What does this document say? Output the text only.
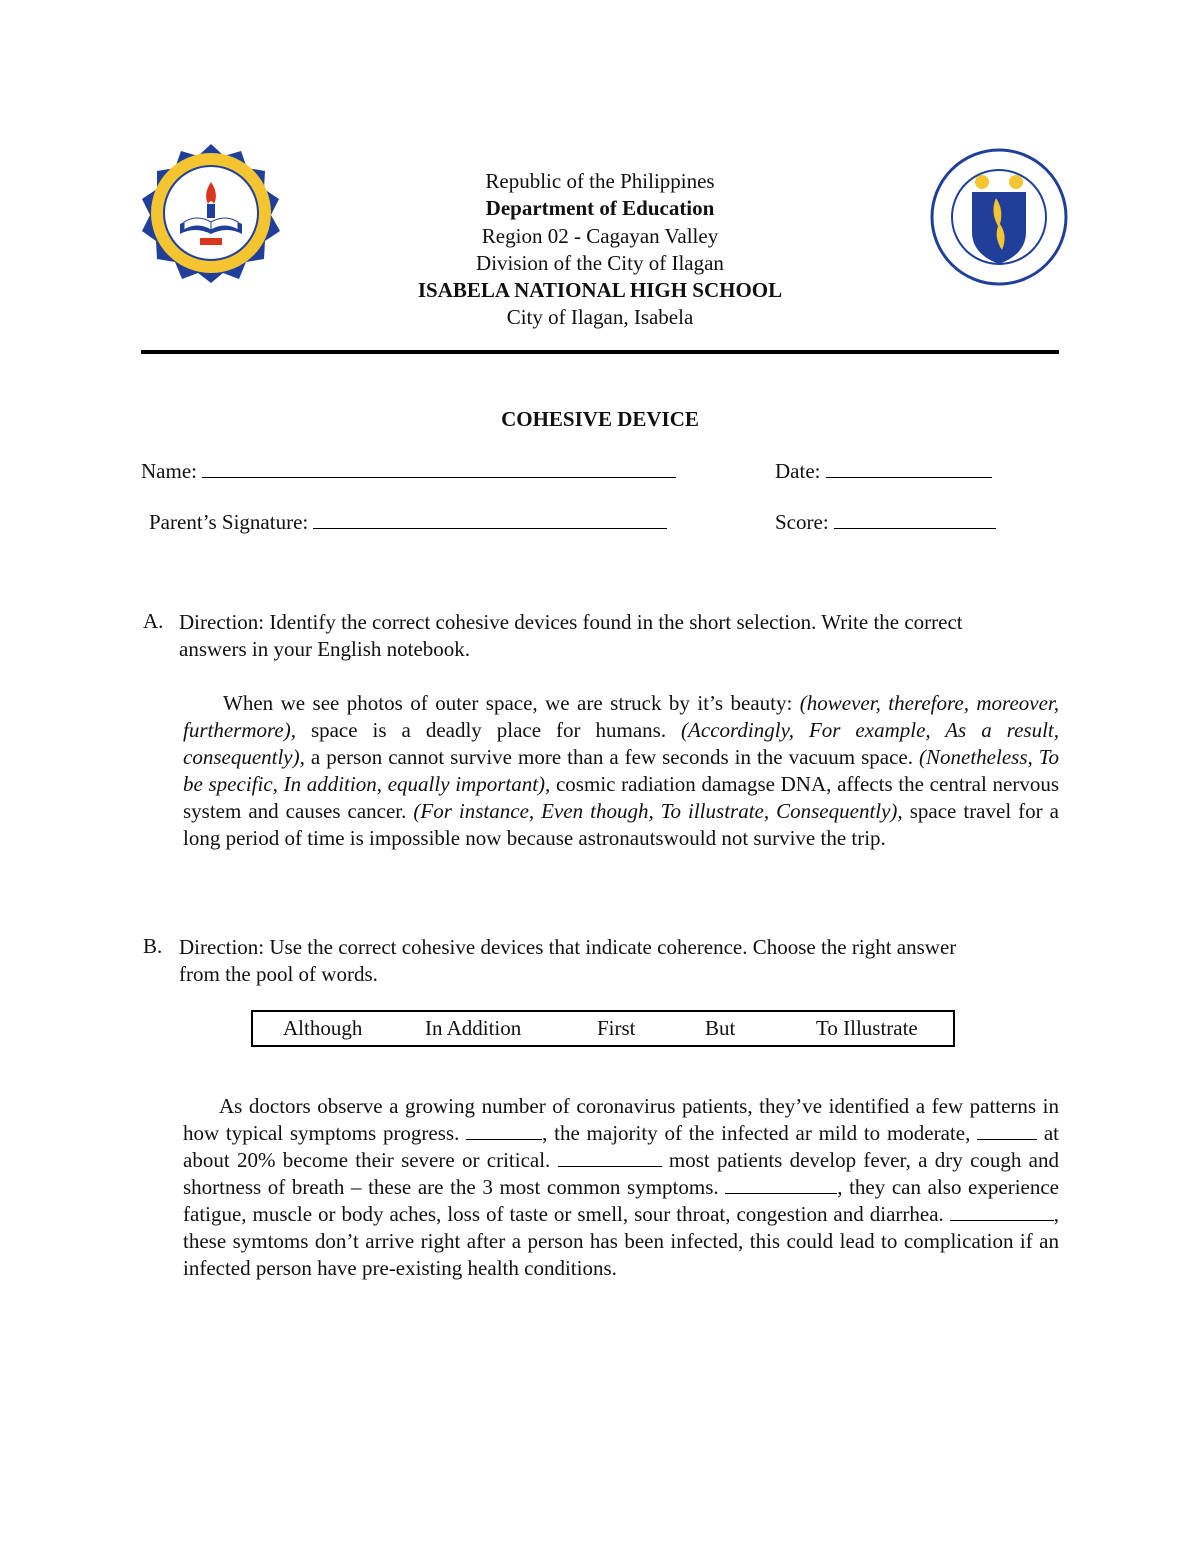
Republic of the Philippines
Department of Education
Region 02 - Cagayan Valley
Division of the City of Ilagan
ISABELA NATIONAL HIGH SCHOOL
City of Ilagan, Isabela
COHESIVE DEVICE
Name:	Date:
Parent’s Signature:	Score:
A. Direction: Identify the correct cohesive devices found in the short selection. Write the correct
answers in your English notebook.
When we see photos of outer space, we are struck by it’s beauty: (however, therefore, moreover, furthermore), space is a deadly place for humans. (Accordingly, For example, As a result, consequently), a person cannot survive more than a few seconds in the vacuum space. (Nonetheless, To be specific, In addition, equally important), cosmic radiation damagse DNA, affects the central nervous system and causes cancer. (For instance, Even though, To illustrate, Consequently), space travel for a long period of time is impossible now because astronautswould not survive the trip.
B. Direction: Use the correct cohesive devices that indicate coherence. Choose the right answer
from the pool of words.
Although	In Addition	First	But	To Illustrate
As doctors observe a growing number of coronavirus patients, they’ve identified a few patterns in how typical symptoms progress.	, the majority of the infected ar mild to moderate,	at about 20% become their severe or critical.	most patients develop fever, a dry cough and shortness of breath – these are the 3 most common symptoms.	, they can also experience fatigue, muscle or body aches, loss of taste or smell, sour throat, congestion and diarrhea.	, these symtoms don’t arrive right after a person has been infected, this could lead to complication if an infected person have pre-existing health conditions.
